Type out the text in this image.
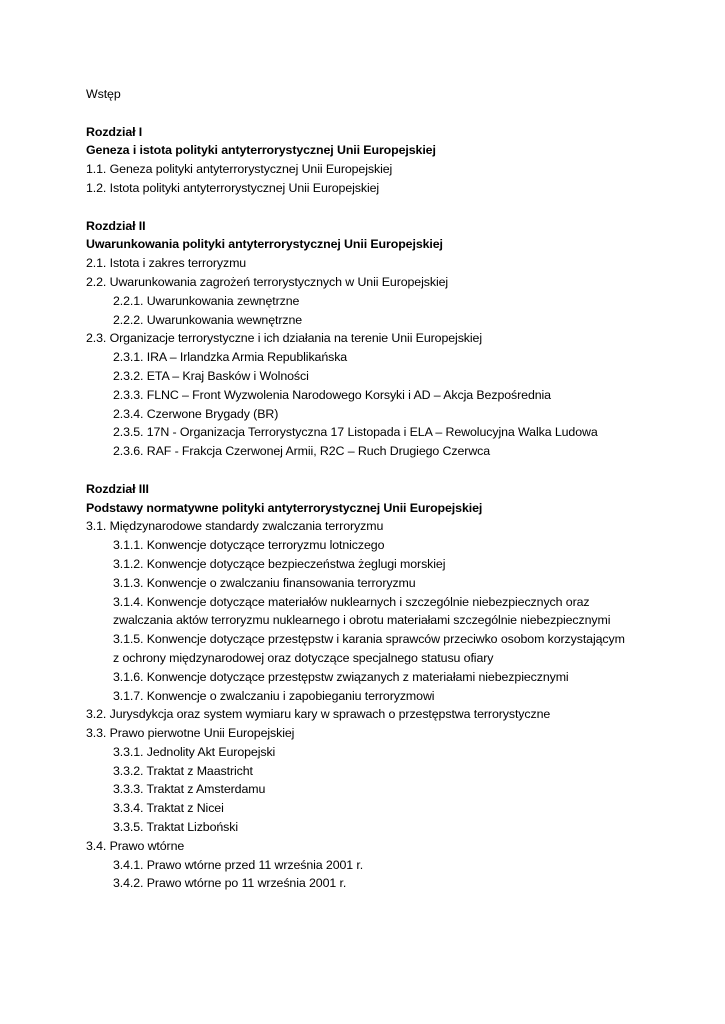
Wstęp
Rozdział I
Geneza i istota polityki antyterrorystycznej Unii Europejskiej
1.1. Geneza polityki antyterrorystycznej Unii Europejskiej
1.2. Istota polityki antyterrorystycznej Unii Europejskiej
Rozdział II
Uwarunkowania polityki antyterrorystycznej Unii Europejskiej
2.1. Istota i zakres terroryzmu
2.2. Uwarunkowania zagrożeń terrorystycznych w Unii Europejskiej
2.2.1. Uwarunkowania zewnętrzne
2.2.2. Uwarunkowania wewnętrzne
2.3. Organizacje terrorystyczne i ich działania na terenie Unii Europejskiej
2.3.1. IRA – Irlandzka Armia Republikańska
2.3.2. ETA – Kraj Basków i Wolności
2.3.3. FLNC – Front Wyzwolenia Narodowego Korsyki i AD – Akcja Bezpośrednia
2.3.4. Czerwone Brygady (BR)
2.3.5. 17N - Organizacja Terrorystyczna 17 Listopada i ELA – Rewolucyjna Walka Ludowa
2.3.6. RAF - Frakcja Czerwonej Armii, R2C – Ruch Drugiego Czerwca
Rozdział III
Podstawy normatywne polityki antyterrorystycznej Unii Europejskiej
3.1. Międzynarodowe standardy zwalczania terroryzmu
3.1.1. Konwencje dotyczące terroryzmu lotniczego
3.1.2. Konwencje dotyczące bezpieczeństwa żeglugi morskiej
3.1.3. Konwencje o zwalczaniu finansowania terroryzmu
3.1.4. Konwencje dotyczące materiałów nuklearnych i szczególnie niebezpiecznych oraz
zwalczania aktów terroryzmu nuklearnego i obrotu materiałami szczególnie niebezpiecznymi
3.1.5. Konwencje dotyczące przestępstw i karania sprawców przeciwko osobom korzystającym
z ochrony międzynarodowej oraz dotyczące specjalnego statusu ofiary
3.1.6. Konwencje dotyczące przestępstw związanych z materiałami niebezpiecznymi
3.1.7. Konwencje o zwalczaniu i zapobieganiu terroryzmowi
3.2. Jurysdykcja oraz system wymiaru kary w sprawach o przestępstwa terrorystyczne
3.3. Prawo pierwotne Unii Europejskiej
3.3.1. Jednolity Akt Europejski
3.3.2. Traktat z Maastricht
3.3.3. Traktat z Amsterdamu
3.3.4. Traktat z Nicei
3.3.5. Traktat Lizboński
3.4. Prawo wtórne
3.4.1. Prawo wtórne przed 11 września 2001 r.
3.4.2. Prawo wtórne po 11 września 2001 r.
